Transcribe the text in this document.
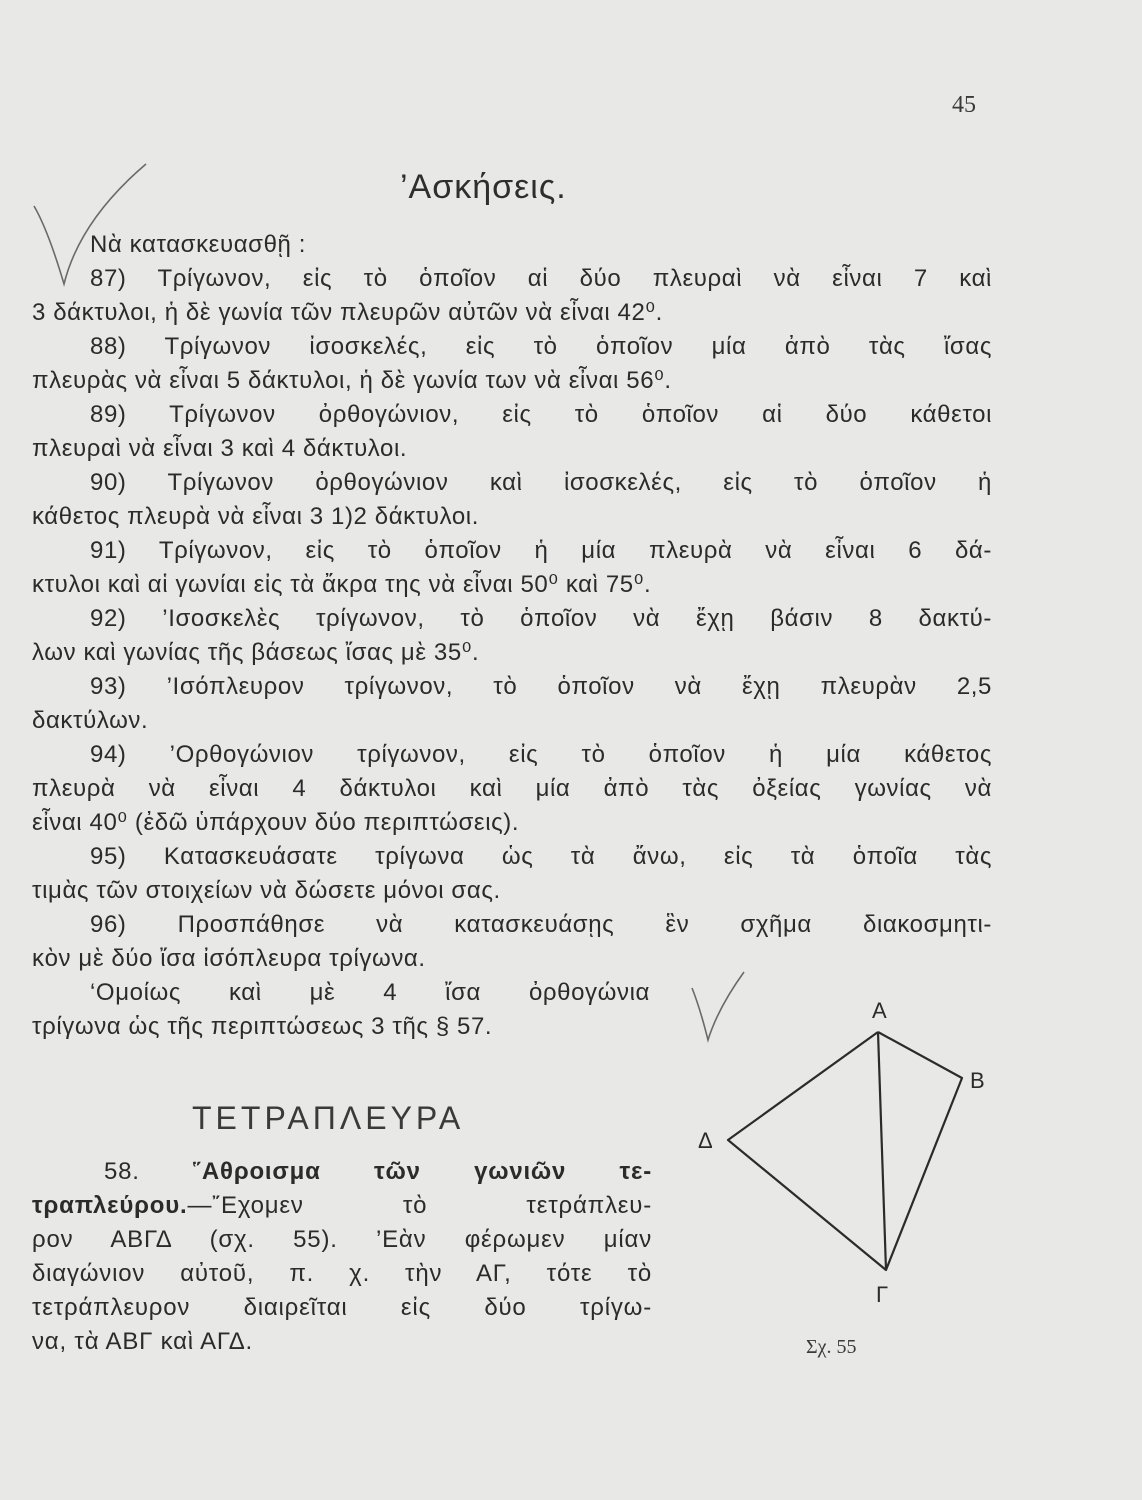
45
’Ασκήσεις.
Νὰ κατασκευασθῇ :
87) Τρίγωνον, εἰς τὸ ὁποῖον αἱ δύο πλευραὶ νὰ εἶναι 7 καὶ
3 δάκτυλοι, ἡ δὲ γωνία τῶν πλευρῶν αὐτῶν νὰ εἶναι 42⁰.
88) Τρίγωνον ἰσοσκελές, εἰς τὸ ὁποῖον μία ἀπὸ τὰς ἴσας
πλευρὰς νὰ εἶναι 5 δάκτυλοι, ἡ δὲ γωνία των νὰ εἶναι 56⁰.
89) Τρίγωνον ὀρθογώνιον, εἰς τὸ ὁποῖον αἱ δύο κάθετοι
πλευραὶ νὰ εἶναι 3 καὶ 4 δάκτυλοι.
90) Τρίγωνον ὀρθογώνιον καὶ ἰσοσκελές, εἰς τὸ ὁποῖον ἡ
κάθετος πλευρὰ νὰ εἶναι 3 1)2 δάκτυλοι.
91) Τρίγωνον, εἰς τὸ ὁποῖον ἡ μία πλευρὰ νὰ εἶναι 6 δά-
κτυλοι καὶ αἱ γωνίαι εἰς τὰ ἄκρα της νὰ εἶναι 50⁰ καὶ 75⁰.
92) ’Ισοσκελὲς τρίγωνον, τὸ ὁποῖον νὰ ἔχῃ βάσιν 8 δακτύ-
λων καὶ γωνίας τῆς βάσεως ἴσας μὲ 35⁰.
93) ’Ισόπλευρον τρίγωνον, τὸ ὁποῖον νὰ ἔχῃ πλευρὰν 2,5
δακτύλων.
94) ’Ορθογώνιον τρίγωνον, εἰς τὸ ὁποῖον ἡ μία κάθετος
πλευρὰ νὰ εἶναι 4 δάκτυλοι καὶ μία ἀπὸ τὰς ὀξείας γωνίας νὰ
εἶναι 40⁰ (ἐδῶ ὑπάρχουν δύο περιπτώσεις).
95) Κατασκευάσατε τρίγωνα ὡς τὰ ἄνω, εἰς τὰ ὁποῖα τὰς
τιμὰς τῶν στοιχείων νὰ δώσετε μόνοι σας.
96) Προσπάθησε νὰ κατασκευάσῃς ἓν σχῆμα διακοσμητι-
κὸν μὲ δύο ἴσα ἰσόπλευρα τρίγωνα.
‘Ομοίως καὶ μὲ 4 ἴσα ὀρθογώνια
τρίγωνα ὡς τῆς περιπτώσεως 3 τῆς § 57.
ΤΕΤΡΑΠΛΕΥΡΑ
58. ῞Αθροισμα τῶν γωνιῶν τε-
τραπλεύρου.—῎Εχομεν τὸ τετράπλευ-
ρον ΑΒΓΔ (σχ. 55). ’Εὰν φέρωμεν μίαν
διαγώνιον αὐτοῦ, π. χ. τὴν ΑΓ, τότε τὸ
τετράπλευρον διαιρεῖται εἰς δύο τρίγω-
να, τὰ ΑΒΓ καὶ ΑΓΔ.
Α
Β
Γ
Δ
Σχ. 55
